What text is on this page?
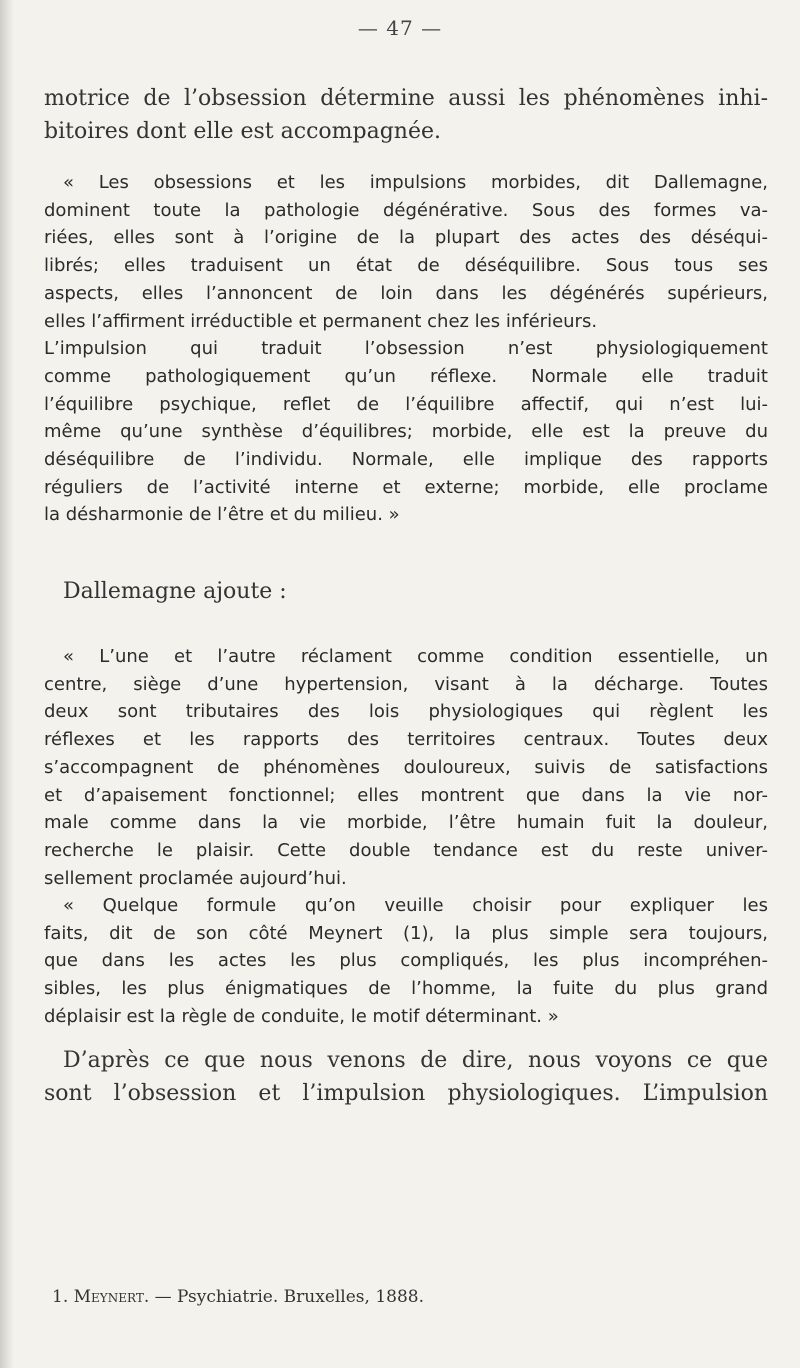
— 47 —
motrice de l’obsession détermine aussi les phénomènes inhi-
bitoires dont elle est accompagnée.
« Les obsessions et les impulsions morbides, dit Dallemagne,
dominent toute la pathologie dégénérative. Sous des formes va-
riées, elles sont à l’origine de la plupart des actes des déséqui-
librés; elles traduisent un état de déséquilibre. Sous tous ses
aspects, elles l’annoncent de loin dans les dégénérés supérieurs,
elles l’affirment irréductible et permanent chez les inférieurs.
L’impulsion qui traduit l’obsession n’est physiologiquement
comme pathologiquement qu’un réflexe. Normale elle traduit
l’équilibre psychique, reflet de l’équilibre affectif, qui n’est lui-
même qu’une synthèse d’équilibres; morbide, elle est la preuve du
déséquilibre de l’individu. Normale, elle implique des rapports
réguliers de l’activité interne et externe; morbide, elle proclame
la désharmonie de l’être et du milieu. »
Dallemagne ajoute :
« L’une et l’autre réclament comme condition essentielle, un
centre, siège d’une hypertension, visant à la décharge. Toutes
deux sont tributaires des lois physiologiques qui règlent les
réflexes et les rapports des territoires centraux. Toutes deux
s’accompagnent de phénomènes douloureux, suivis de satisfactions
et d’apaisement fonctionnel; elles montrent que dans la vie nor-
male comme dans la vie morbide, l’être humain fuit la douleur,
recherche le plaisir. Cette double tendance est du reste univer-
sellement proclamée aujourd’hui.
« Quelque formule qu’on veuille choisir pour expliquer les
faits, dit de son côté Meynert (1), la plus simple sera toujours,
que dans les actes les plus compliqués, les plus incompréhen-
sibles, les plus énigmatiques de l’homme, la fuite du plus grand
déplaisir est la règle de conduite, le motif déterminant. »
D’après ce que nous venons de dire, nous voyons ce que
sont l’obsession et l’impulsion physiologiques. L’impulsion
1. Meynert. — Psychiatrie. Bruxelles, 1888.
